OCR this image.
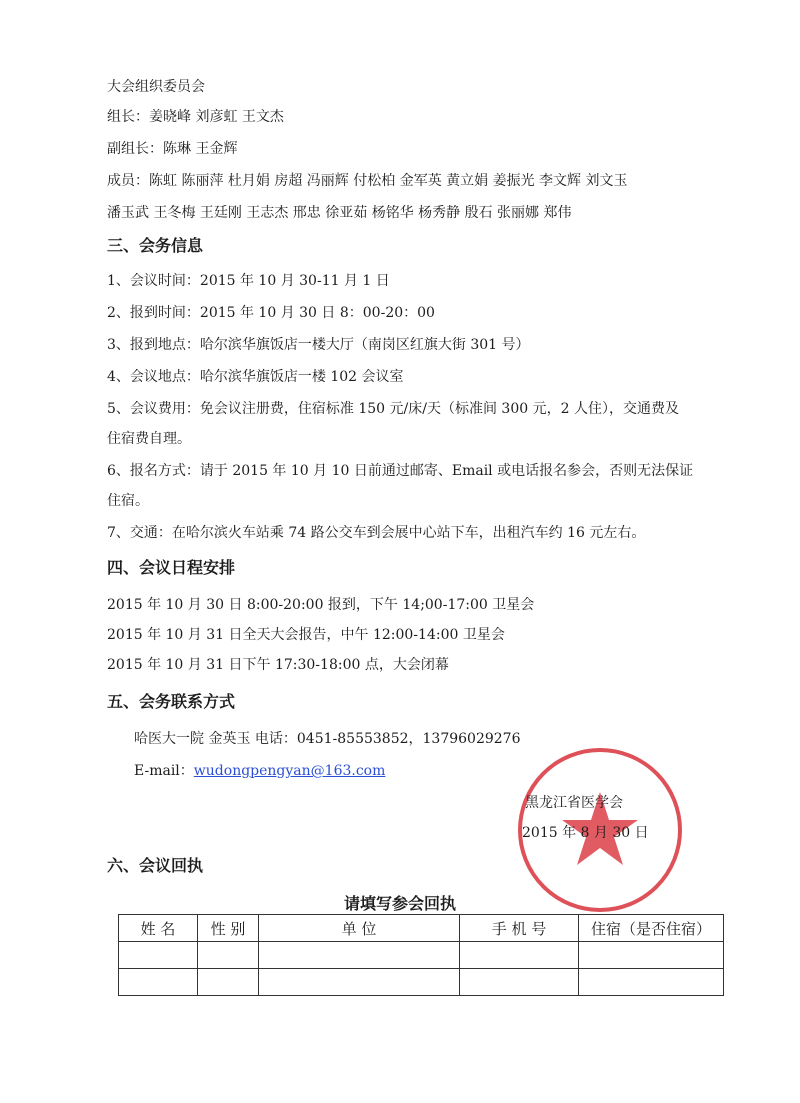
大会组织委员会
组长：姜晓峰 刘彦虹 王文杰
副组长：陈琳 王金辉
成员：陈虹 陈丽萍 杜月娟 房超 冯丽辉 付松柏 金军英 黄立娟 姜振光 李文辉 刘文玉
潘玉武 王冬梅 王廷刚 王志杰 邢忠 徐亚茹 杨铭华 杨秀静 殷石 张丽娜 郑伟
三、会务信息
1、会议时间：2015 年 10 月 30-11 月 1 日
2、报到时间：2015 年 10 月 30 日 8：00-20：00
3、报到地点：哈尔滨华旗饭店一楼大厅（南岗区红旗大街 301 号）
4、会议地点：哈尔滨华旗饭店一楼 102 会议室
5、会议费用：免会议注册费，住宿标准 150 元/床/天（标准间 300 元，2 人住），交通费及
住宿费自理。
6、报名方式：请于 2015 年 10 月 10 日前通过邮寄、Email 或电话报名参会，否则无法保证
住宿。
7、交通：在哈尔滨火车站乘 74 路公交车到会展中心站下车，出租汽车约 16 元左右。
四、会议日程安排
2015 年 10 月 30 日 8:00-20:00 报到，下午 14;00-17:00 卫星会
2015 年 10 月 31 日全天大会报告，中午 12:00-14:00 卫星会
2015 年 10 月 31 日下午 17:30-18:00 点，大会闭幕
五、会务联系方式
哈医大一院 金英玉 电话：0451-85553852，13796029276
E-mail：wudongpengyan@163.com
黑龙江省医学会
2015 年 8 月 30 日
六、会议回执
请填写参会回执
姓 名	性 别	单 位	手 机 号	住宿（是否住宿）
